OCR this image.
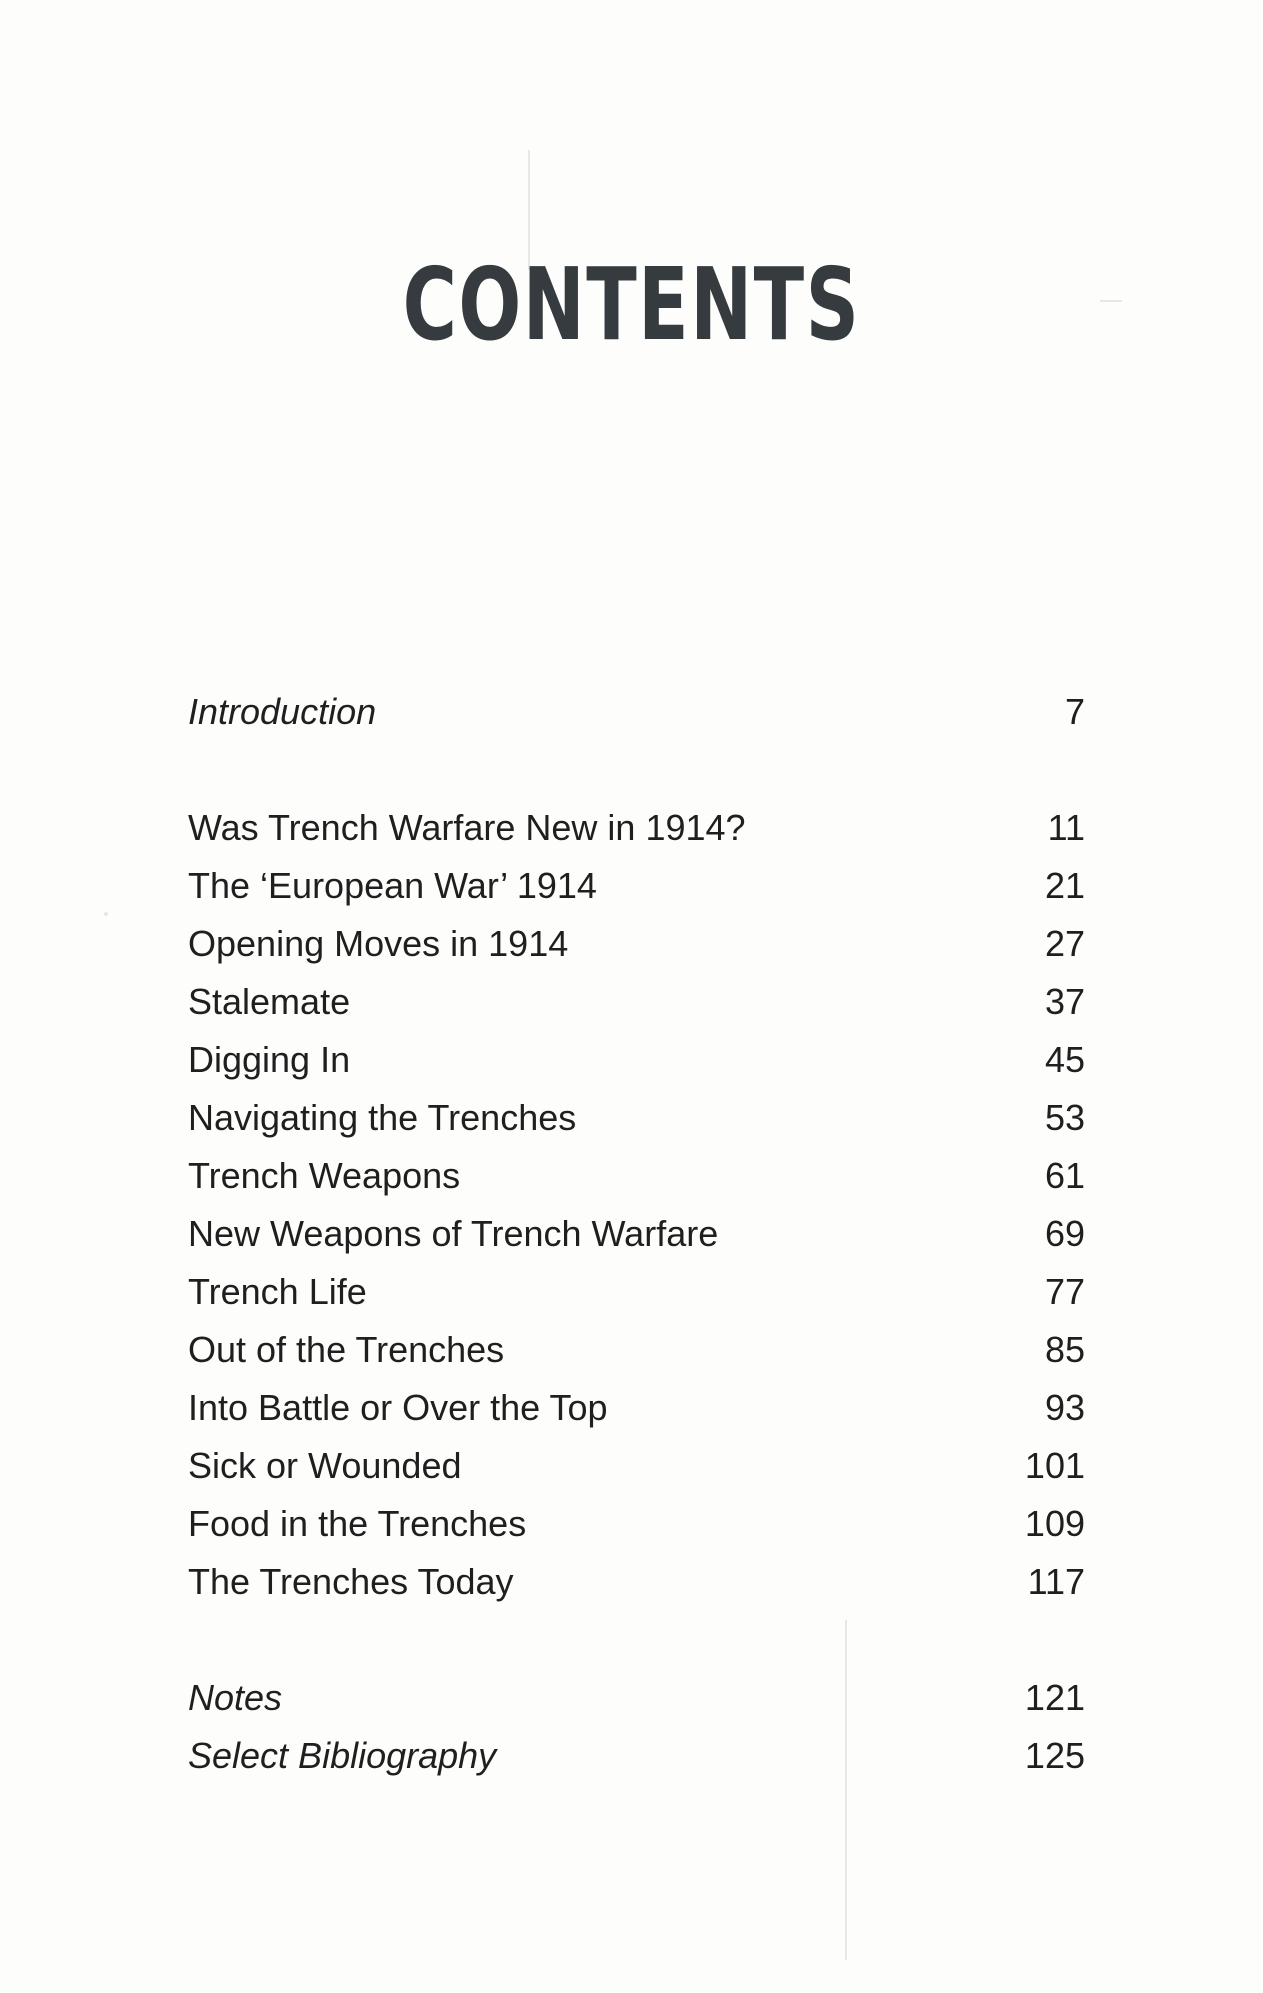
CONTENTS
Introduction	7
Was Trench Warfare New in 1914?	11
The ‘European War’ 1914	21
Opening Moves in 1914	27
Stalemate	37
Digging In	45
Navigating the Trenches	53
Trench Weapons	61
New Weapons of Trench Warfare	69
Trench Life	77
Out of the Trenches	85
Into Battle or Over the Top	93
Sick or Wounded	101
Food in the Trenches	109
The Trenches Today	117
Notes	121
Select Bibliography	125
